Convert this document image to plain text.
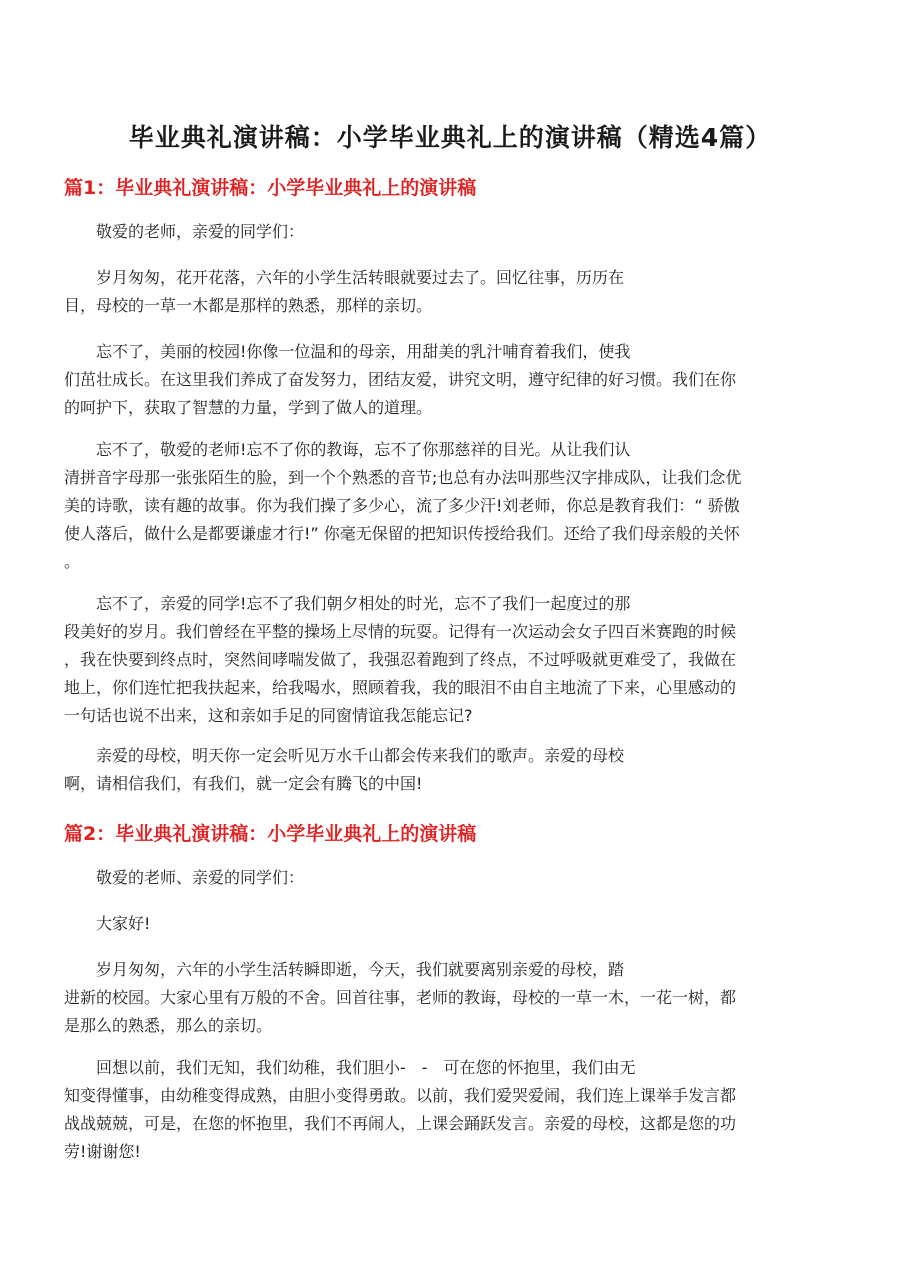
毕业典礼演讲稿：小学毕业典礼上的演讲稿（精选4篇）
篇1：毕业典礼演讲稿：小学毕业典礼上的演讲稿

敬爱的老师，亲爱的同学们：

岁月匆匆，花开花落，六年的小学生活转眼就要过去了。回忆往事，历历在
目，母校的一草一木都是那样的熟悉，那样的亲切。

忘不了，美丽的校园!你像一位温和的母亲，用甜美的乳汁哺育着我们，使我
们茁壮成长。在这里我们养成了奋发努力，团结友爱，讲究文明，遵守纪律的好习惯。我们在你
的呵护下，获取了智慧的力量，学到了做人的道理。

忘不了，敬爱的老师!忘不了你的教诲，忘不了你那慈祥的目光。从让我们认
清拼音字母那一张张陌生的脸，到一个个熟悉的音节;也总有办法叫那些汉字排成队，让我们念优
美的诗歌，读有趣的故事。你为我们操了多少心，流了多少汗!刘老师，你总是教育我们：“ 骄傲
使人落后，做什么是都要谦虚才行!” 你毫无保留的把知识传授给我们。还给了我们母亲般的关怀
。

忘不了，亲爱的同学!忘不了我们朝夕相处的时光，忘不了我们一起度过的那
段美好的岁月。我们曾经在平整的操场上尽情的玩耍。记得有一次运动会女子四百米赛跑的时候
，我在快要到终点时，突然间哮喘发做了，我强忍着跑到了终点，不过呼吸就更难受了，我做在
地上，你们连忙把我扶起来，给我喝水，照顾着我，我的眼泪不由自主地流了下来，心里感动的
一句话也说不出来，这和亲如手足的同窗情谊我怎能忘记?

亲爱的母校，明天你一定会听见万水千山都会传来我们的歌声。亲爱的母校
啊，请相信我们，有我们，就一定会有腾飞的中国!

篇2：毕业典礼演讲稿：小学毕业典礼上的演讲稿

敬爱的老师、亲爱的同学们：

大家好!

岁月匆匆，六年的小学生活转瞬即逝，今天，我们就要离别亲爱的母校，踏
进新的校园。大家心里有万般的不舍。回首往事，老师的教诲，母校的一草一木，一花一树，都
是那么的熟悉，那么的亲切。

回想以前，我们无知，我们幼稚，我们胆小-　-　可在您的怀抱里，我们由无
知变得懂事，由幼稚变得成熟，由胆小变得勇敢。以前，我们爱哭爱闹，我们连上课举手发言都
战战兢兢，可是，在您的怀抱里，我们不再闹人，上课会踊跃发言。亲爱的母校，这都是您的功
劳!谢谢您!
